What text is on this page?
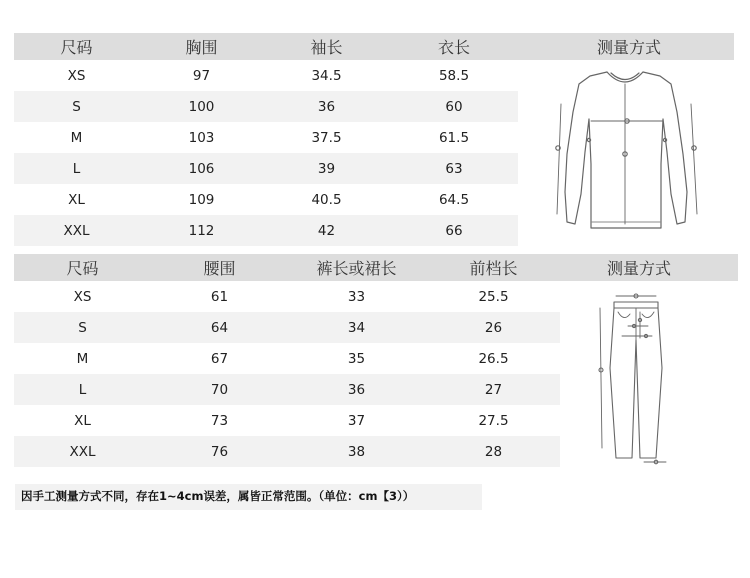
尺码	胸围	袖长	衣长	测量方式
XS	97	34.5	58.5
S	100	36	60
M	103	37.5	61.5
L	106	39	63
XL	109	40.5	64.5
XXL	112	42	66
尺码	腰围	裤长或裙长	前档长	测量方式
XS	61	33	25.5
S	64	34	26
M	67	35	26.5
L	70	36	27
XL	73	37	27.5
XXL	76	38	28
因手工测量方式不同，存在1~4cm误差，属皆正常范围。（单位：cm【3））
